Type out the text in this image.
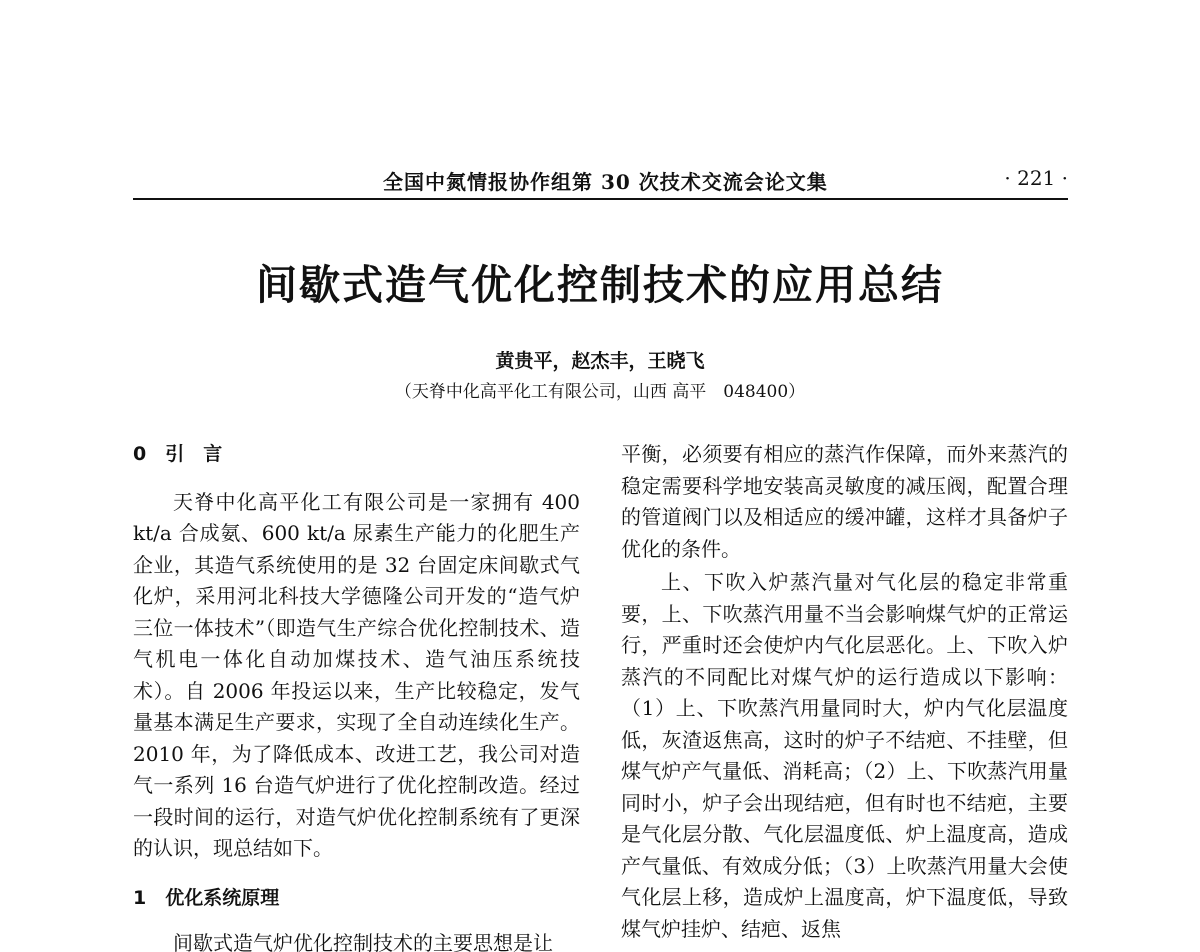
全国中氮情报协作组第 30 次技术交流会论文集	· 221 ·
间歇式造气优化控制技术的应用总结
黄贵平，赵杰丰，王晓飞
（天脊中化高平化工有限公司，山西 高平　048400）
0　引　言

天脊中化高平化工有限公司是一家拥有 400 kt/a 合成氨、600 kt/a 尿素生产能力的化肥生产企业，其造气系统使用的是 32 台固定床间歇式气化炉，采用河北科技大学德隆公司开发的“造气炉三位一体技术”（即造气生产综合优化控制技术、造气机电一体化自动加煤技术、造气油压系统技术）。自 2006 年投运以来，生产比较稳定，发气量基本满足生产要求，实现了全自动连续化生产。2010 年，为了降低成本、改进工艺，我公司对造气一系列 16 台造气炉进行了优化控制改造。经过一段时间的运行，对造气炉优化控制系统有了更深的认识，现总结如下。

1　优化系统原理

间歇式造气炉优化控制技术的主要思想是让

平衡，必须要有相应的蒸汽作保障，而外来蒸汽的稳定需要科学地安装高灵敏度的减压阀，配置合理的管道阀门以及相适应的缓冲罐，这样才具备炉子优化的条件。

上、下吹入炉蒸汽量对气化层的稳定非常重要，上、下吹蒸汽用量不当会影响煤气炉的正常运行，严重时还会使炉内气化层恶化。上、下吹入炉蒸汽的不同配比对煤气炉的运行造成以下影响：（1）上、下吹蒸汽用量同时大，炉内气化层温度低，灰渣返焦高，这时的炉子不结疤、不挂壁，但煤气炉产气量低、消耗高；（2）上、下吹蒸汽用量同时小，炉子会出现结疤，但有时也不结疤，主要是气化层分散、气化层温度低、炉上温度高，造成产气量低、有效成分低；（3）上吹蒸汽用量大会使气化层上移，造成炉上温度高，炉下温度低，导致煤气炉挂炉、结疤、返焦
